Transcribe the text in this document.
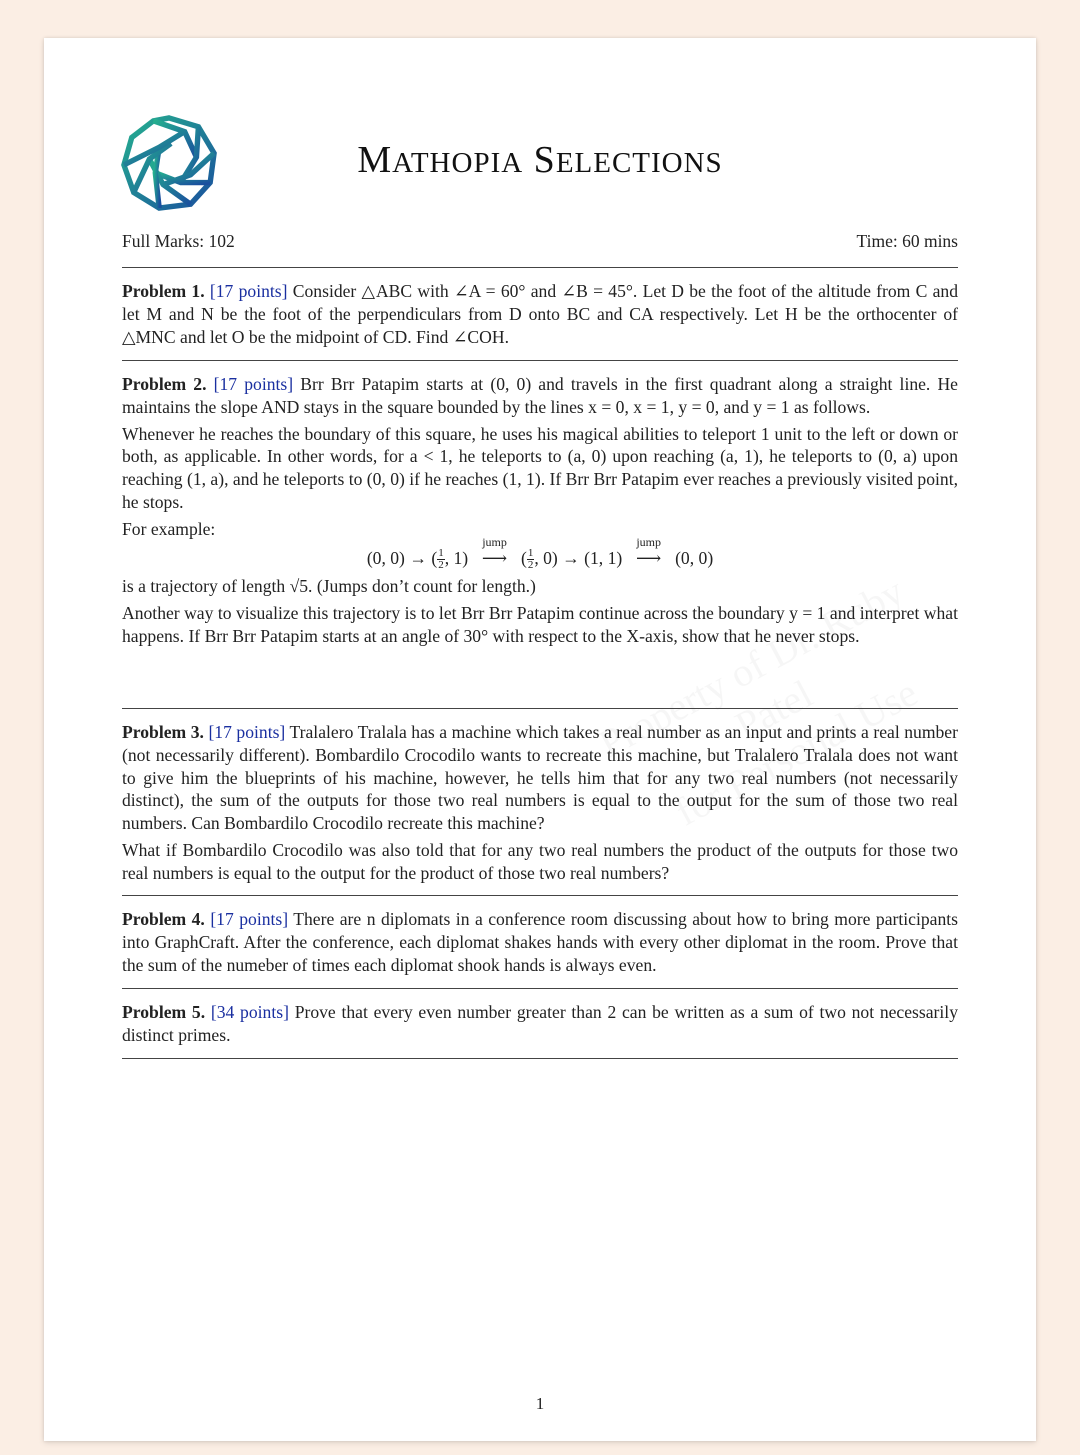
MATHOPIA SELECTIONS
Full Marks: 102	Time: 60 mins

Problem 1. [17 points] Consider △ABC with ∠A = 60° and ∠B = 45°. Let D be the foot of the altitude from C and let M and N be the foot of the perpendiculars from D onto BC and CA respectively. Let H be the orthocenter of △MNC and let O be the midpoint of CD. Find ∠COH.

Problem 2. [17 points] Brr Brr Patapim starts at (0, 0) and travels in the first quadrant along a straight line. He maintains the slope AND stays in the square bounded by the lines x = 0, x = 1, y = 0, and y = 1 as follows.

Whenever he reaches the boundary of this square, he uses his magical abilities to teleport 1 unit to the left or down or both, as applicable. In other words, for a < 1, he teleports to (a, 0) upon reaching (a, 1), he teleports to (0, a) upon reaching (1, a), and he teleports to (0, 0) if he reaches (1, 1). If Brr Brr Patapim ever reaches a previously visited point, he stops.

For example:

(0, 0) → ( $\frac{1}{2}$ , 1)
jump
⟶ ( $\frac{1}{2}$ , 0) → (1, 1)
jump
⟶ (0, 0)

is a trajectory of length √5. (Jumps don’t count for length.)

Another way to visualize this trajectory is to let Brr Brr Patapim continue across the boundary y = 1 and interpret what happens. If Brr Brr Patapim starts at an angle of 30° with respect to the X-axis, show that he never stops.

Problem 3. [17 points] Tralalero Tralala has a machine which takes a real number as an input and prints a real number (not necessarily different). Bombardilo Crocodilo wants to recreate this machine, but Tralalero Tralala does not want to give him the blueprints of his machine, however, he tells him that for any two real numbers (not necessarily distinct), the sum of the outputs for those two real numbers is equal to the output for the sum of those two real numbers. Can Bombardilo Crocodilo recreate this machine?

What if Bombardilo Crocodilo was also told that for any two real numbers the product of the outputs for those two real numbers is equal to the output for the product of those two real numbers?

Problem 4. [17 points] There are n diplomats in a conference room discussing about how to bring more participants into GraphCraft. After the conference, each diplomat shakes hands with every other diplomat in the room. Prove that the sum of the numeber of times each diplomat shook hands is always even.

Problem 5. [34 points] Prove that every even number greater than 2 can be written as a sum of two not necessarily distinct primes.

1
